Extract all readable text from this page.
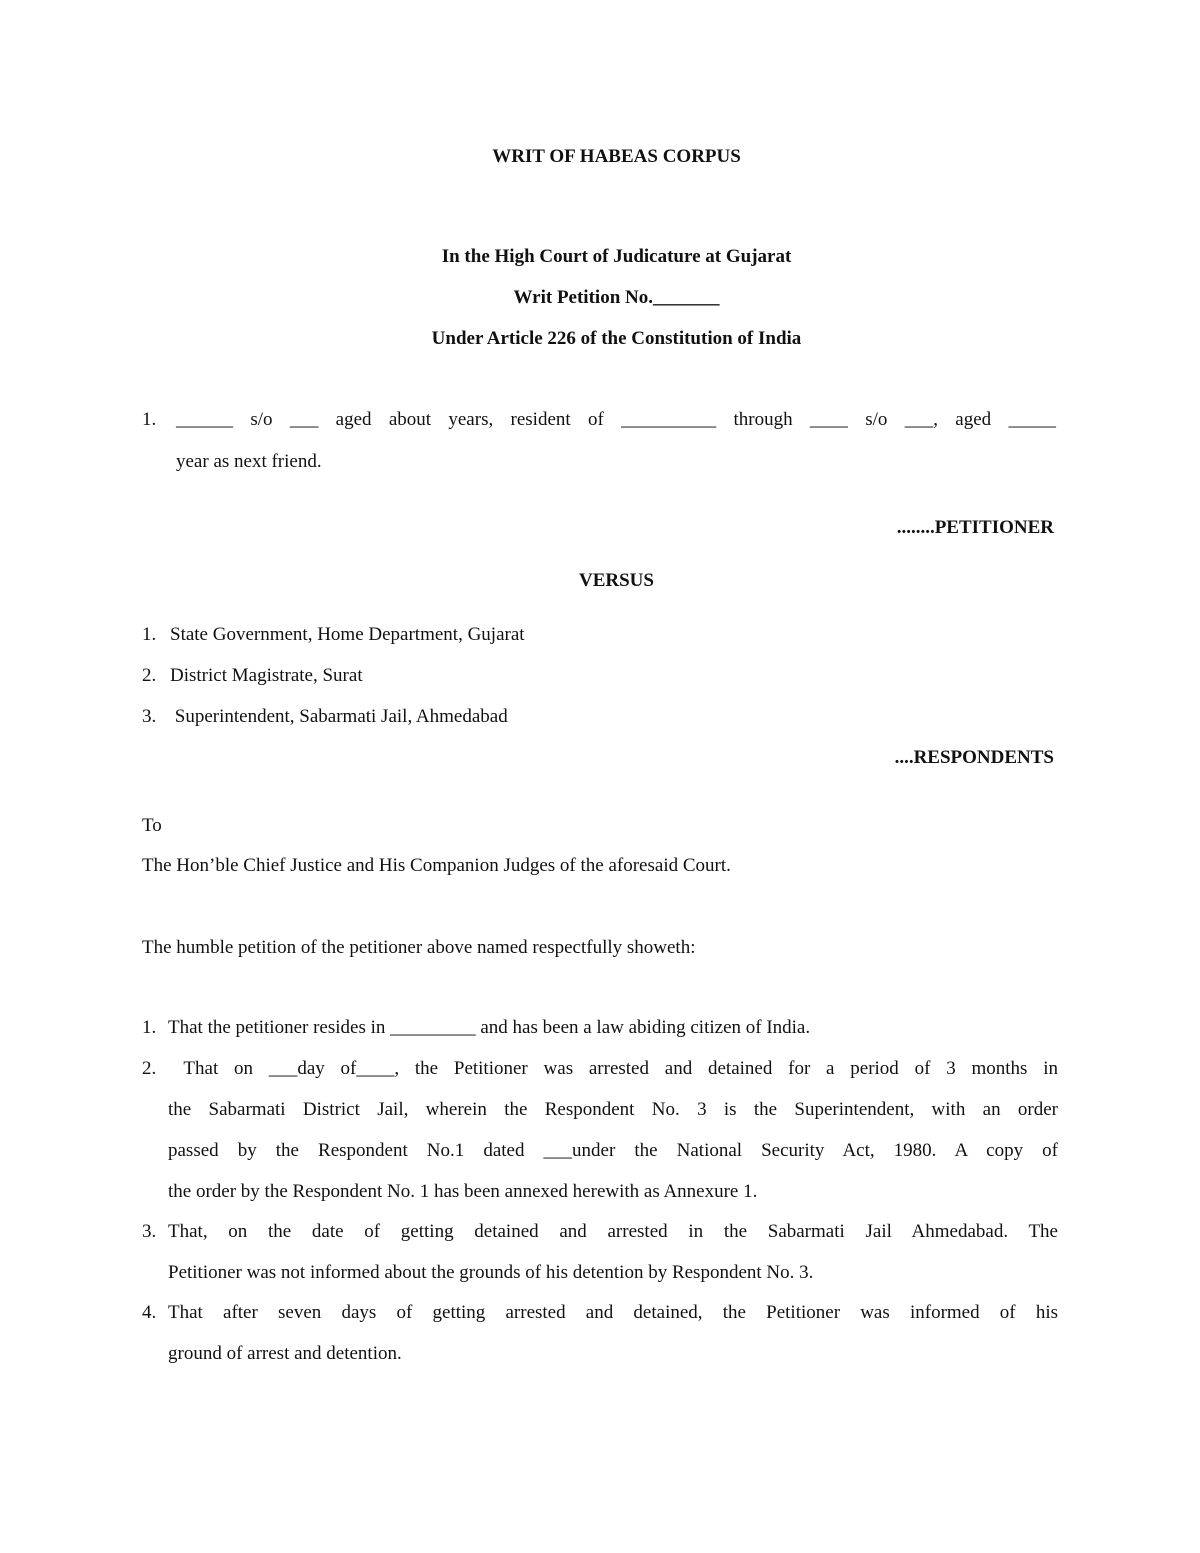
WRIT OF HABEAS CORPUS
In the High Court of Judicature at Gujarat
Writ Petition No._______
Under Article 226 of the Constitution of India
1. ______ s/o ___ aged about years, resident of __________ through ____ s/o ___, aged _____
year as next friend.
........PETITIONER
VERSUS
1. State Government, Home Department, Gujarat
2. District Magistrate, Surat
3. Superintendent, Sabarmati Jail, Ahmedabad
....RESPONDENTS
To
The Hon’ble Chief Justice and His Companion Judges of the aforesaid Court.
The humble petition of the petitioner above named respectfully showeth:
1. That the petitioner resides in _________ and has been a law abiding citizen of India.
2. That on ___day of____, the Petitioner was arrested and detained for a period of 3 months in
the Sabarmati District Jail, wherein the Respondent No. 3 is the Superintendent, with an order
passed by the Respondent No.1 dated ___under the National Security Act, 1980. A copy of
the order by the Respondent No. 1 has been annexed herewith as Annexure 1.
3. That, on the date of getting detained and arrested in the Sabarmati Jail Ahmedabad. The
Petitioner was not informed about the grounds of his detention by Respondent No. 3.
4. That after seven days of getting arrested and detained, the Petitioner was informed of his
ground of arrest and detention.
